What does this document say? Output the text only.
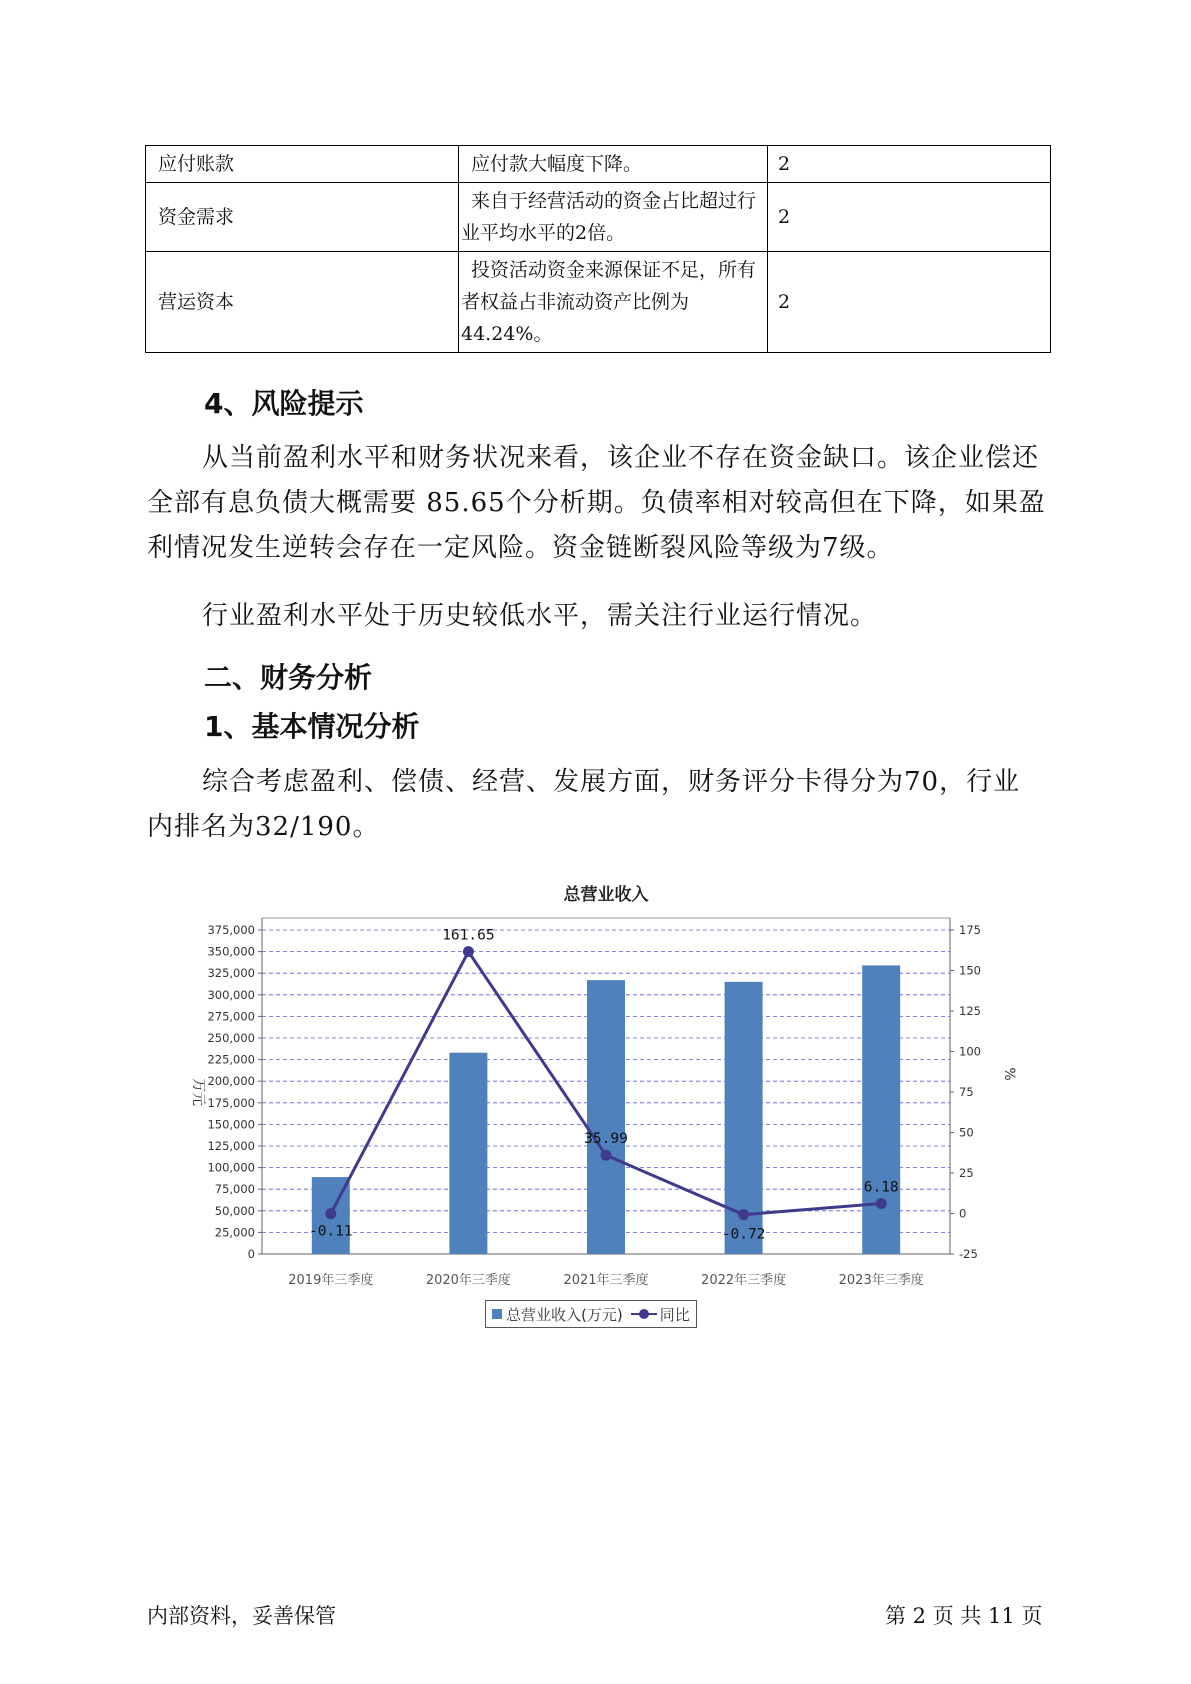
应付账款	应付款大幅度下降。	2
资金需求	来自于经营活动的资金占比超过行业平均水平的2倍。	2
营运资本	投资活动资金来源保证不足，所有者权益占非流动资产比例为44.24%。	2
4、风险提示
从当前盈利水平和财务状况来看，该企业不存在资金缺口。该企业偿还全部有息负债大概需要 85.65个分析期。负债率相对较高但在下降，如果盈利情况发生逆转会存在一定风险。资金链断裂风险等级为7级。
行业盈利水平处于历史较低水平，需关注行业运行情况。
二、财务分析
1、基本情况分析
综合考虑盈利、偿债、经营、发展方面，财务评分卡得分为70，行业内排名为32/190。
总营业收入
0
25,000
50,000
75,000
100,000
125,000
150,000
175,000
200,000
225,000
250,000
275,000
300,000
325,000
350,000
375,000
-25
0
25
50
75
100
125
150
175
万元
%
2019年三季度	2020年三季度	2021年三季度	2022年三季度	2023年三季度
-0.11
161.65
35.99
-0.72
6.18
总营业收入(万元) 同比
内部资料，妥善保管	第 2 页 共 11 页
